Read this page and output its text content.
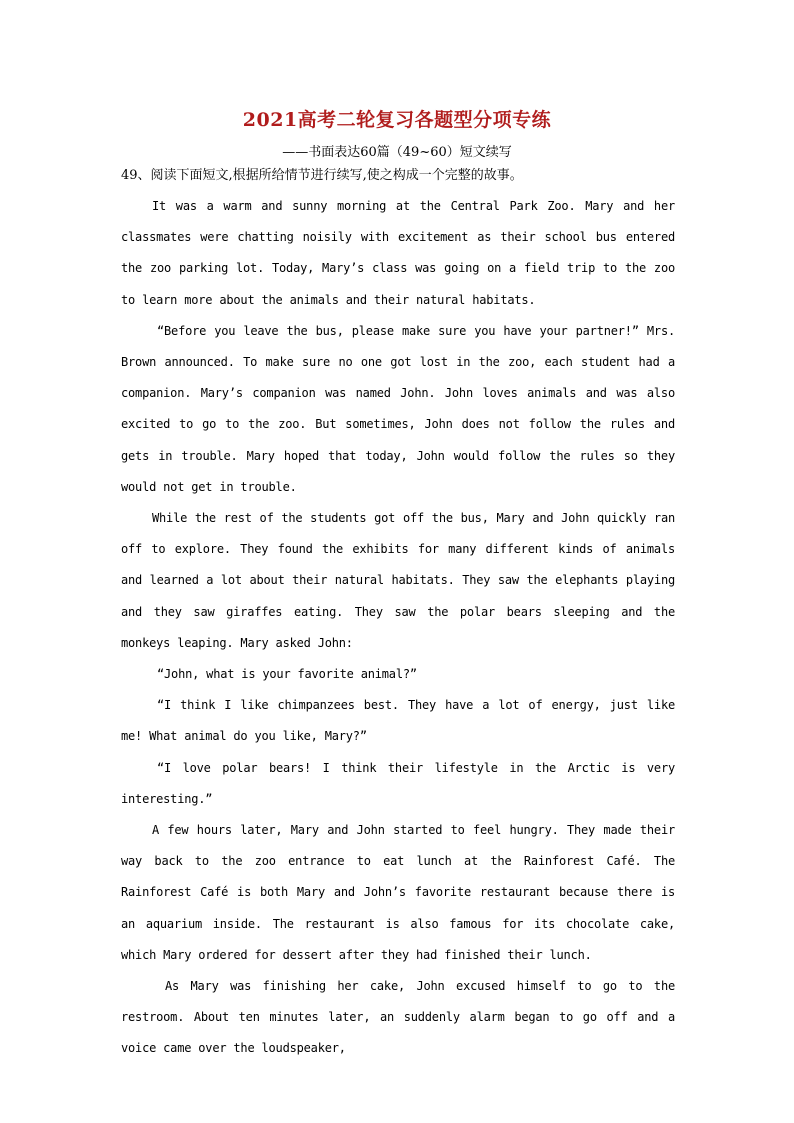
2021高考二轮复习各题型分项专练
——书面表达60篇（49~60）短文续写
49、阅读下面短文,根据所给情节进行续写,使之构成一个完整的故事。

It was a warm and sunny morning at the Central Park Zoo. Mary and her classmates were chatting noisily with excitement as their school bus entered the zoo parking lot. Today, Mary’s class was going on a field trip to the zoo to learn more about the animals and their natural habitats.

“Before you leave the bus, please make sure you have your partner!” Mrs. Brown announced. To make sure no one got lost in the zoo, each student had a companion. Mary’s companion was named John. John loves animals and was also excited to go to the zoo. But sometimes, John does not follow the rules and gets in trouble. Mary hoped that today, John would follow the rules so they would not get in trouble.

While the rest of the students got off the bus, Mary and John quickly ran off to explore. They found the exhibits for many different kinds of animals and learned a lot about their natural habitats. They saw the elephants playing and they saw giraffes eating. They saw the polar bears sleeping and the monkeys leaping. Mary asked John:

“John, what is your favorite animal?”

“I think I like chimpanzees best. They have a lot of energy, just like me! What animal do you like, Mary?”

“I love polar bears! I think their lifestyle in the Arctic is very interesting.”

A few hours later, Mary and John started to feel hungry. They made their way back to the zoo entrance to eat lunch at the Rainforest Café. The Rainforest Café is both Mary and John’s favorite restaurant because there is an aquarium inside. The restaurant is also famous for its chocolate cake, which Mary ordered for dessert after they had finished their lunch.

As Mary was finishing her cake, John excused himself to go to the restroom. About ten minutes later, an suddenly alarm began to go off and a voice came over the loudspeaker,
